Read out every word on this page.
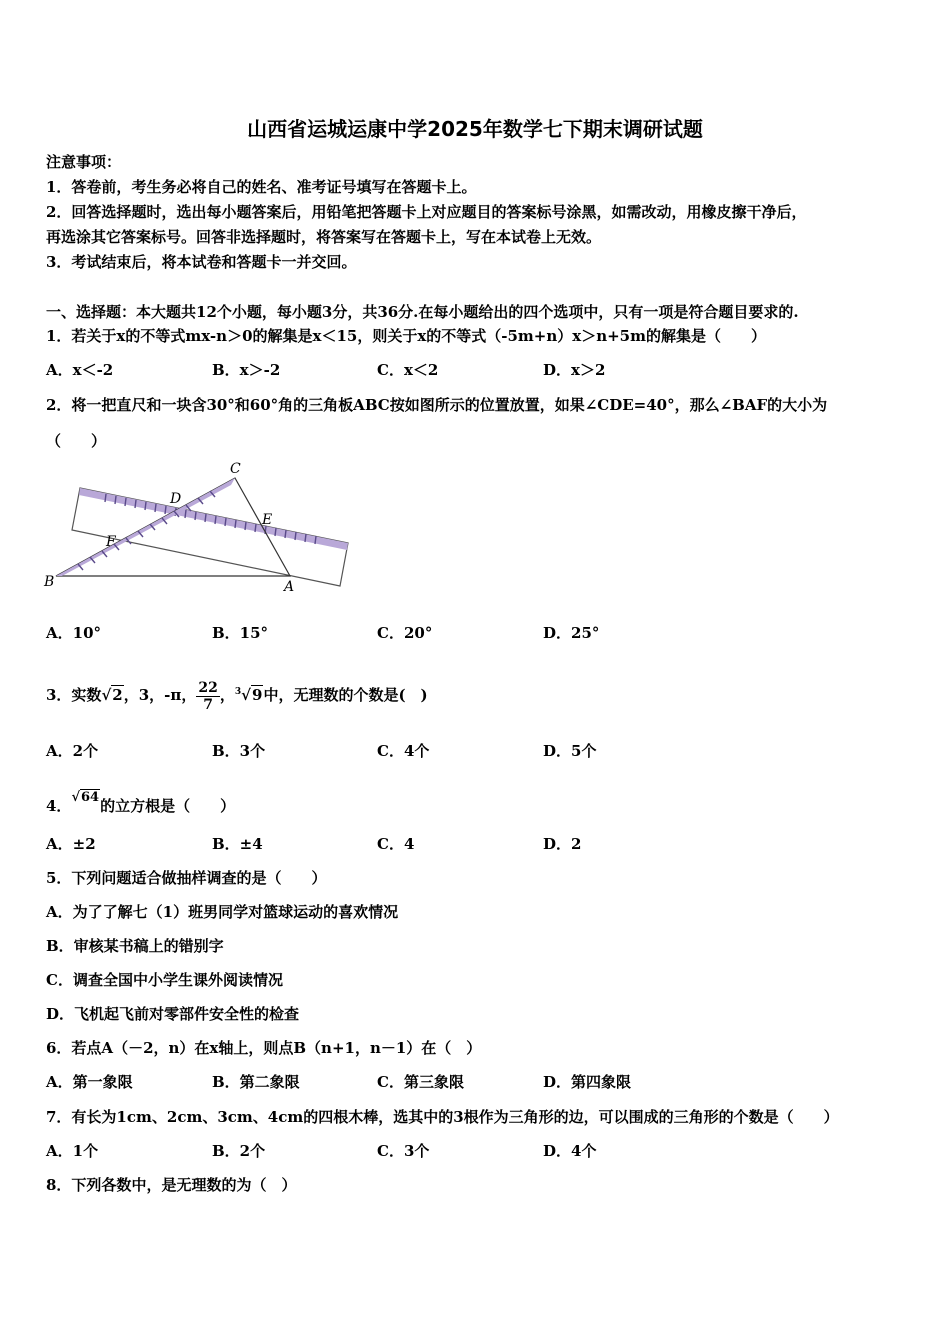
山西省运城运康中学2025年数学七下期末调研试题
注意事项：
1．答卷前，考生务必将自己的姓名、准考证号填写在答题卡上。
2．回答选择题时，选出每小题答案后，用铅笔把答题卡上对应题目的答案标号涂黑，如需改动，用橡皮擦干净后，
再选涂其它答案标号。回答非选择题时，将答案写在答题卡上，写在本试卷上无效。
3．考试结束后，将本试卷和答题卡一并交回。
一、选择题：本大题共12个小题，每小题3分，共36分.在每小题给出的四个选项中，只有一项是符合题目要求的.
1．若关于x的不等式mx-n＞0的解集是x＜15，则关于x的不等式（-5m+n）x＞n+5m的解集是（　　）
A．x＜-2	B．x＞-2	C．x＜2	D．x＞2
2．将一把直尺和一块含30°和60°角的三角板ABC按如图所示的位置放置，如果∠CDE=40°，那么∠BAF的大小为
（　　）
C
D
E
F
B	A
A．10°	B．15°	C．20°	D．25°
3．实数√2，3，-π， $\frac{22}{7}$ ，$^3$√9中，无理数的个数是(　)
A．2个	B．3个	C．4个	D．5个
4．√64的立方根是（　　）
A．±2	B．±4	C．4	D．2
5．下列问题适合做抽样调查的是（　　）
A．为了了解七（1）班男同学对篮球运动的喜欢情况
B．审核某书稿上的错别字
C．调查全国中小学生课外阅读情况
D．飞机起飞前对零部件安全性的检查
6．若点A（－2，n）在x轴上，则点B（n+1，n－1）在（　）
A．第一象限	B．第二象限	C．第三象限	D．第四象限
7．有长为1cm、2cm、3cm、4cm的四根木棒，选其中的3根作为三角形的边，可以围成的三角形的个数是（　　）
A．1个	B．2个	C．3个	D．4个
8．下列各数中，是无理数的为（　）
